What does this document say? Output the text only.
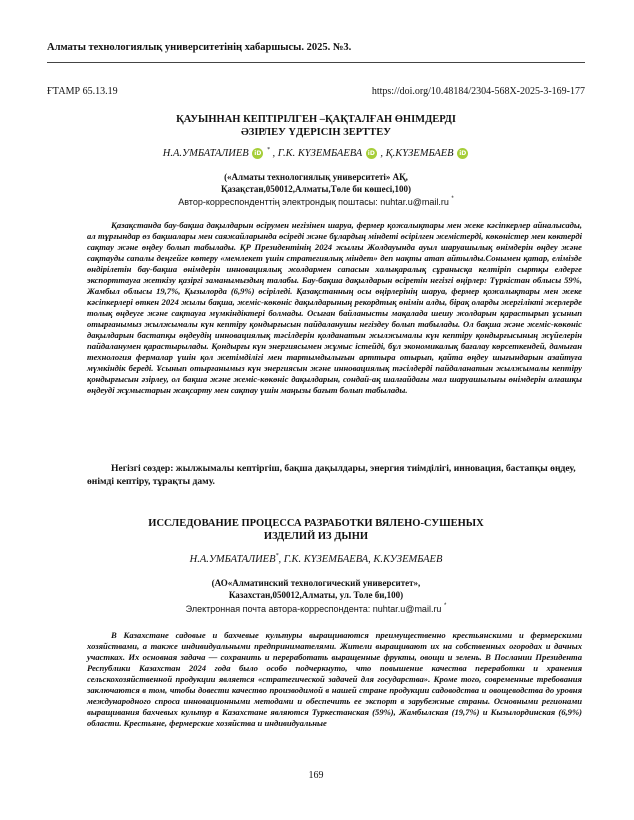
Алматы технологиялық университетінің хабаршысы. 2025. №3.
ҒТАМР 65.13.19	https://doi.org/10.48184/2304-568X-2025-3-169-177
ҚАУЫННАН КЕПТІРІЛГЕН –ҚАҚТАЛҒАН ӨНІМДЕРДІ
ӘЗІРЛЕУ ҮДЕРІСІН ЗЕРТТЕУ
Н.А.УМБАТАЛИЕВ iD * , Г.К. КҮЗЕМБАЕВА iD , Қ.КҮЗЕМБАЕВ iD
(«Алматы технологиялық университеті» АҚ,
Қазақстан,050012,Алматы,Төле би көшесі,100)
Автор-корреспонденттің электрондық поштасы: nuhtar.u@mail.ru *

Қазақстанда бау-бақша дақылдарын өсірумен негізінен шаруа, фермер қожалықтары мен жеке кәсіпкерлер айналысады, ал тұрғындар өз бақшалары мен саяжайларында өсіреді және бұлардың міндеті өсірілген жемістерді, көкөністер мен көктерді сақтау және өңдеу болып табылады. ҚР Президентінің 2024 жылғы Жолдауында ауыл шаруашылық өнімдерін өңдеу және сақтауды сапалы деңгейге көтеру «мемлекет үшін стратегиялық міндет» деп нақты атап айтылды.Сонымен қатар, елімізде өндірілетін бау-бақша өнімдерін инновациялық жолдармен сапасын халықаралық сұранысқа келтіріп сыртқы елдерге экспорттауға жеткізу қазіргі заманымыздың талабы. Бау-бақша дақылдарын өсіретін негізгі өңірлер: Түркістан облысы 59%, Жамбыл облысы 19,7%, Қызылорда (6,9%) өсіріледі. Қазақстанның осы өңірлерінің шаруа, фермер қожалықтары мен жеке кәсіпкерлері өткен 2024 жылы бақша, жеміс-көкөніс дақылдарының рекордтық өнімін алды, бірақ оларды жергілікті жерлерде толық өңдеуге және сақтауға мүмкіндіктері болмады. Осыған байланысты мақалада шешу жолдарын қарастырып ұсынып отырғанымыз жылжымалы күн кептіру қондырғысын пайдаланушы негіздеу болып табылады. Ол бақша және жеміс-көкөніс дақылдарын бастапқы өңдеудің инновациялық тәсілдерін қолданатын жылжымалы күн кептіру қондырғысының жүйелерін пайдаланумен қарастырылады. Қондырғы күн энергиясымен жұмыс істейді, бұл экономикалық бағалау көрсеткендей, дамыған технология фермалар үшін қол жетімділігі мен тартымдылығын арттыра отырып, қайта өңдеу шығындарын азайтуға мүмкіндік береді. Ұсынып отырғанымыз күн энергиясын және инновациялық тәсілдерді пайдаланатын жылжымалы кептіру қондырғысын әзірлеу, ол бақша және жеміс-көкөніс дақылдарын, сондай-ақ шалғайдағы мал шаруашылығы өнімдерін алғашқы өңдеуді жұмыстарын жақсарту мен сақтау үшін маңызы бағыт болып табылады.

Негізгі сөздер: жылжымалы кептіргіш, бақша дақылдары, энергия тиімділігі, инновация, бастапқы өңдеу, өнімді кептіру, тұрақты даму.

ИССЛЕДОВАНИЕ ПРОЦЕССА РАЗРАБОТКИ ВЯЛЕНО-СУШЕНЫХ
ИЗДЕЛИЙ ИЗ ДЫНИ
Н.А.УМБАТАЛИЕВ*, Г.К. КҮЗЕМБАЕВА, К.КУЗЕМБАЕВ
(АО«Алматинский технологический университет»,
Казахстан,050012,Алматы, ул. Толе би,100)
Электронная почта автора-корреспондента: nuhtar.u@mail.ru *

В Казахстане садовые и бахчевые культуры выращиваются преимущественно крестьянскими и фермерскими хозяйствами, а также индивидуальными предпринимателями. Жители выращивают их на собственных огородах и дачных участках. Их основная задача — сохранить и переработать выращенные фрукты, овощи и зелень. В Послании Президента Республики Казахстан 2024 года было особо подчеркнуто, что повышение качества переработки и хранения сельскохозяйственной продукции является «стратегической задачей для государства». Кроме того, современные требования заключаются в том, чтобы довести качество производимой в нашей стране продукции садоводства и овощеводства до уровня международного спроса инновационными методами и обеспечить ее экспорт в зарубежные страны. Основными регионами выращивания бахчевых культур в Казахстане являются Туркестанская (59%), Жамбылская (19,7%) и Кызылординская (6,9%) области. Крестьяне, фермерские хозяйства и индивидуальные

169
